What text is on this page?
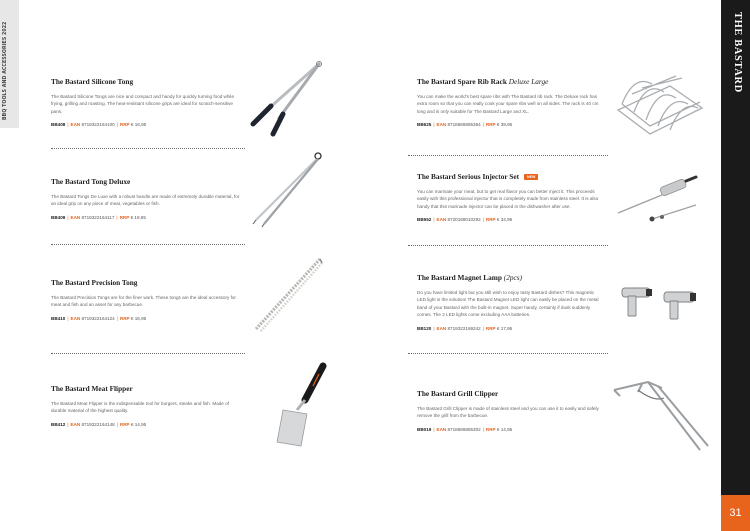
BBQ TOOLS AND ACCESSORIES 2022	THE BASTARD
31
The Bastard Silicone Tong
The Bastard Silicone Tongs are nice and compact and handy for quickly turning food while frying, grilling and roasting. The heat-resistant silicone grips are ideal for scratch-sensitive pans.
BB408 | EAN 8719322164100 | RRP € 16,95
The Bastard Tong Deluxe
The Bastard Tongs De Luxe with a robust handle are made of extremely durable material, for an ideal grip on any piece of meat, vegetables or fish.
BB409 | EAN 8719322164117 | RRP € 19,95
The Bastard Precision Tong
The Bastard Precision Tongs are for the finer work. These tongs are the ideal accessory for meat and fish and an asset for any barbecue.
BB410 | EAN 8719322164124 | RRP € 16,95
The Bastard Meat Flipper
The Bastard Meat Flipper is the indispensable tool for burgers, steaks and fish. Made of durable material of the highest quality.
BB412 | EAN 8719322164148 | RRP € 14,95
The Bastard Spare Rib Rack Deluxe Large
You can make the world's best spare ribs with The Bastard rib rack. The Deluxe rack has extra room so that you can really cook your spare ribs well on all sides. The rack is 40 cm long and is only suitable for The Bastard Large and XL.
BB625 | EAN 8718686885364 | RRP € 39,95
The Bastard Serious Injector Set NEW
You can marinate your meat, but to get real flavor you can better inject it. This proceeds easily with this professional injector that is completely made from stainless steel. It is also handy that this marinade injector can be placed in the dishwasher after use.
BB552 | EAN 8720168010292 | RRP € 34,95
The Bastard Magnet Lamp (2pcs)
Do you have limited light but you still wish to enjoy tasty Bastard dishes? This magnetic LED light is the solution! The Bastard Magnet LED light can easily be placed on the metal band of your Bastard with the built-in magnet. Super handy, certainly if dusk suddenly comes. The 2 LED lights come excluding AAA batteries.
BB120 | EAN 8719322169242 | RRP € 17,95
The Bastard Grill Clipper
The Bastard Grill Clipper is made of stainless steel and you can use it to easily and safely remove the grill from the barbecue.
BB019 | EAN 8718686885302 | RRP € 14,95
